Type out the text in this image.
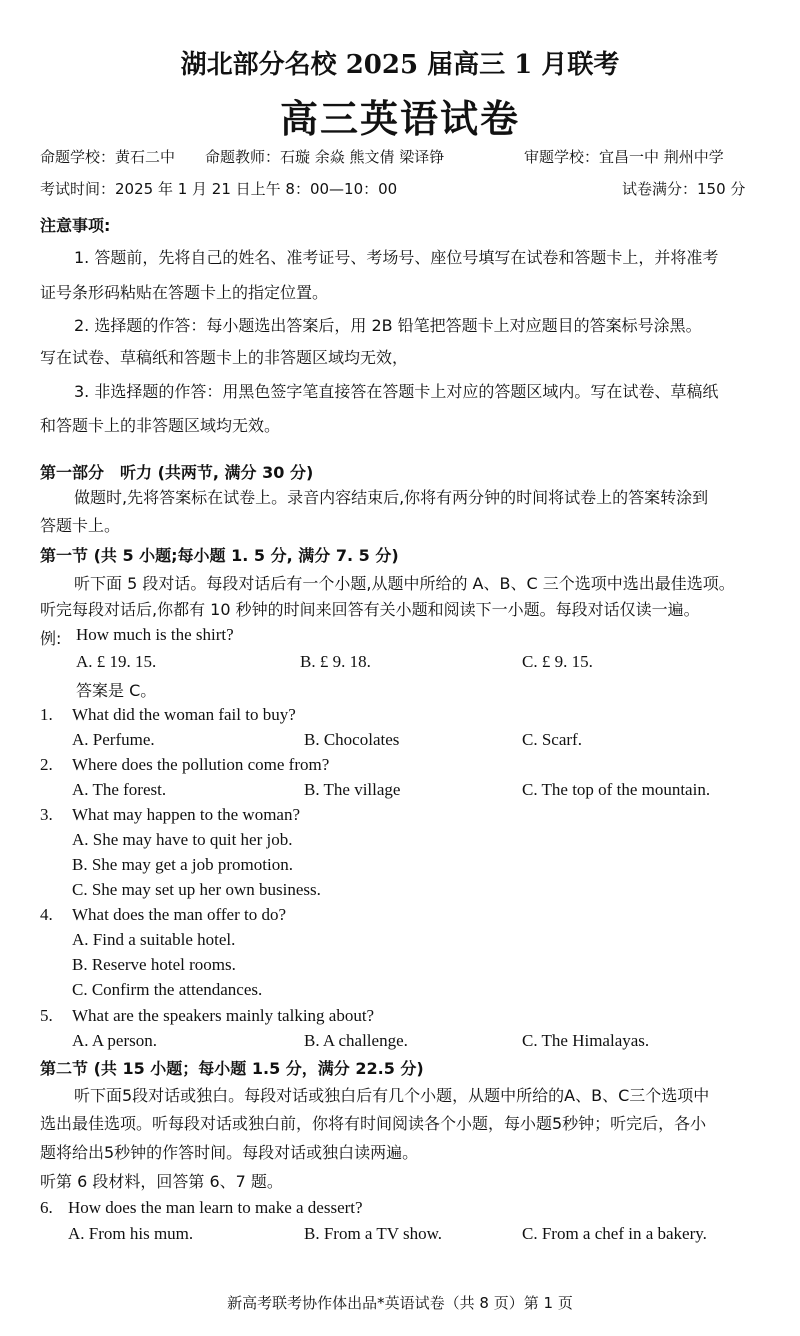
湖北部分名校 2025 届高三 1 月联考
高三英语试卷
命题学校：黄石二中　　命题教师：石璇 余焱 熊文倩 梁译铮	审题学校：宜昌一中 荆州中学
考试时间：2025 年 1 月 21 日上午 8：00—10：00	试卷满分：150 分
注意事项:
1. 答题前，先将自己的姓名、准考证号、考场号、座位号填写在试卷和答题卡上，并将准考
证号条形码粘贴在答题卡上的指定位置。
2. 选择题的作答：每小题选出答案后，用 2B 铅笔把答题卡上对应题目的答案标号涂黑。
写在试卷、草稿纸和答题卡上的非答题区域均无效，
3. 非选择题的作答：用黑色签字笔直接答在答题卡上对应的答题区域内。写在试卷、草稿纸
和答题卡上的非答题区域均无效。
第一部分　听力 (共两节, 满分 30 分)
做题时,先将答案标在试卷上。录音内容结束后,你将有两分钟的时间将试卷上的答案转涂到
答题卡上。
第一节 (共 5 小题;每小题 1. 5 分, 满分 7. 5 分)
听下面 5 段对话。每段对话后有一个小题,从题中所给的 A、B、C 三个选项中选出最佳选项。
听完每段对话后,你都有 10 秒钟的时间来回答有关小题和阅读下一小题。每段对话仅读一遍。
例: How much is the shirt?
A. £ 19. 15.	B. £ 9. 18.	C. £ 9. 15.
答案是 C。
1. What did the woman fail to buy?
A. Perfume.	B. Chocolates	C. Scarf.
2. Where does the pollution come from?
A. The forest.	B. The village	C. The top of the mountain.
3. What may happen to the woman?
A. She may have to quit her job.
B. She may get a job promotion.
C. She may set up her own business.
4. What does the man offer to do?
A. Find a suitable hotel.
B. Reserve hotel rooms.
C. Confirm the attendances.
5. What are the speakers mainly talking about?
A. A person.	B. A challenge.	C. The Himalayas.
第二节 (共 15 小题；每小题 1.5 分，满分 22.5 分)
听下面5段对话或独白。每段对话或独白后有几个小题，从题中所给的A、B、C三个选项中
选出最佳选项。听每段对话或独白前，你将有时间阅读各个小题，每小题5秒钟；听完后，各小
题将给出5秒钟的作答时间。每段对话或独白读两遍。
听第 6 段材料，回答第 6、7 题。
6. How does the man learn to make a dessert?
A. From his mum.	B. From a TV show.	C. From a chef in a bakery.
新高考联考协作体出品*英语试卷（共 8 页）第 1 页
